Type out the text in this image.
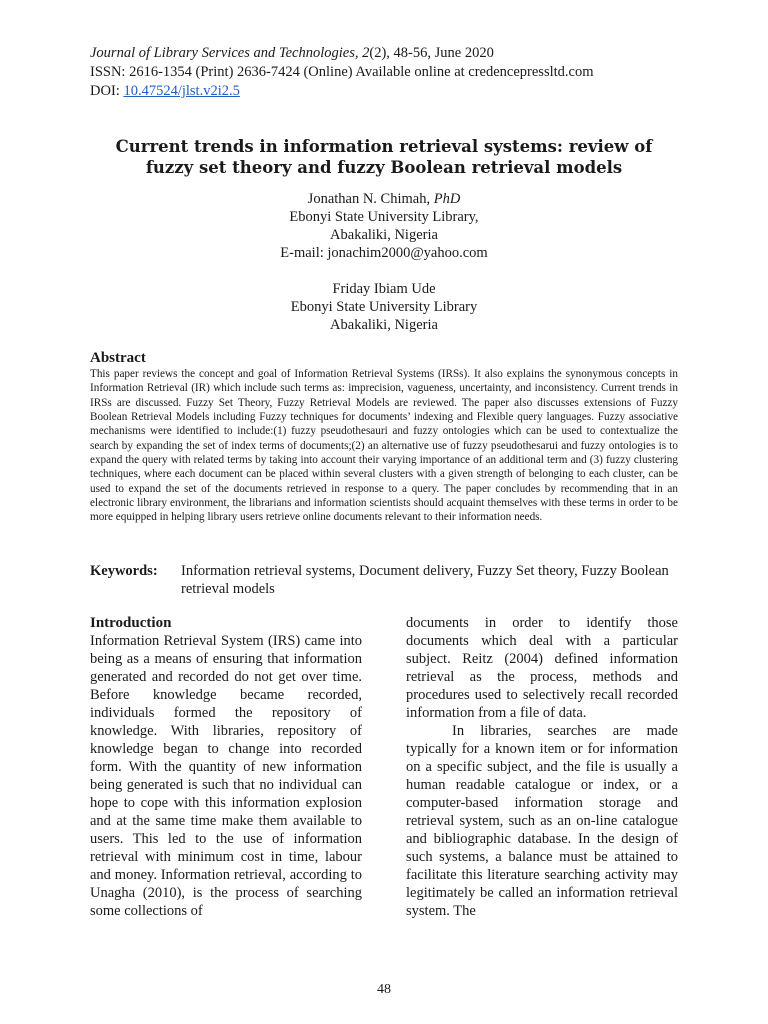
Journal of Library Services and Technologies, 2(2), 48-56, June 2020
ISSN: 2616-1354 (Print) 2636-7424 (Online) Available online at credencepressltd.com
DOI: 10.47524/jlst.v2i2.5
Current trends in information retrieval systems: review of fuzzy set theory and fuzzy Boolean retrieval models
Jonathan N. Chimah, PhD
Ebonyi State University Library,
Abakaliki, Nigeria
E-mail: jonachim2000@yahoo.com
Friday Ibiam Ude
Ebonyi State University Library
Abakaliki, Nigeria
Abstract
This paper reviews the concept and goal of Information Retrieval Systems (IRSs). It also explains the synonymous concepts in Information Retrieval (IR) which include such terms as: imprecision, vagueness, uncertainty, and inconsistency. Current trends in IRSs are discussed. Fuzzy Set Theory, Fuzzy Retrieval Models are reviewed. The paper also discusses extensions of Fuzzy Boolean Retrieval Models including Fuzzy techniques for documents’ indexing and Flexible query languages. Fuzzy associative mechanisms were identified to include:(1) fuzzy pseudothesauri and fuzzy ontologies which can be used to contextualize the search by expanding the set of index terms of documents;(2) an alternative use of fuzzy pseudothesarui and fuzzy ontologies is to expand the query with related terms by taking into account their varying importance of an additional term and (3) fuzzy clustering techniques, where each document can be placed within several clusters with a given strength of belonging to each cluster, can be used to expand the set of the documents retrieved in response to a query. The paper concludes by recommending that in an electronic library environment, the librarians and information scientists should acquaint themselves with these terms in order to be more equipped in helping library users retrieve online documents relevant to their information needs.
Keywords: Information retrieval systems, Document delivery, Fuzzy Set theory, Fuzzy Boolean retrieval models
Introduction

Information Retrieval System (IRS) came into being as a means of ensuring that information generated and recorded do not get over time. Before knowledge became recorded, individuals formed the repository of knowledge. With libraries, repository of knowledge began to change into recorded form. With the quantity of new information being generated is such that no individual can hope to cope with this information explosion and at the same time make them available to users. This led to the use of information retrieval with minimum cost in time, labour and money. Information retrieval, according to Unagha (2010), is the process of searching some collections of

documents in order to identify those documents which deal with a particular subject. Reitz (2004) defined information retrieval as the process, methods and procedures used to selectively recall recorded information from a file of data.

In libraries, searches are made typically for a known item or for information on a specific subject, and the file is usually a human readable catalogue or index, or a computer-based information storage and retrieval system, such as an on-line catalogue and bibliographic database. In the design of such systems, a balance must be attained to facilitate this literature searching activity may legitimately be called an information retrieval system. The

48
